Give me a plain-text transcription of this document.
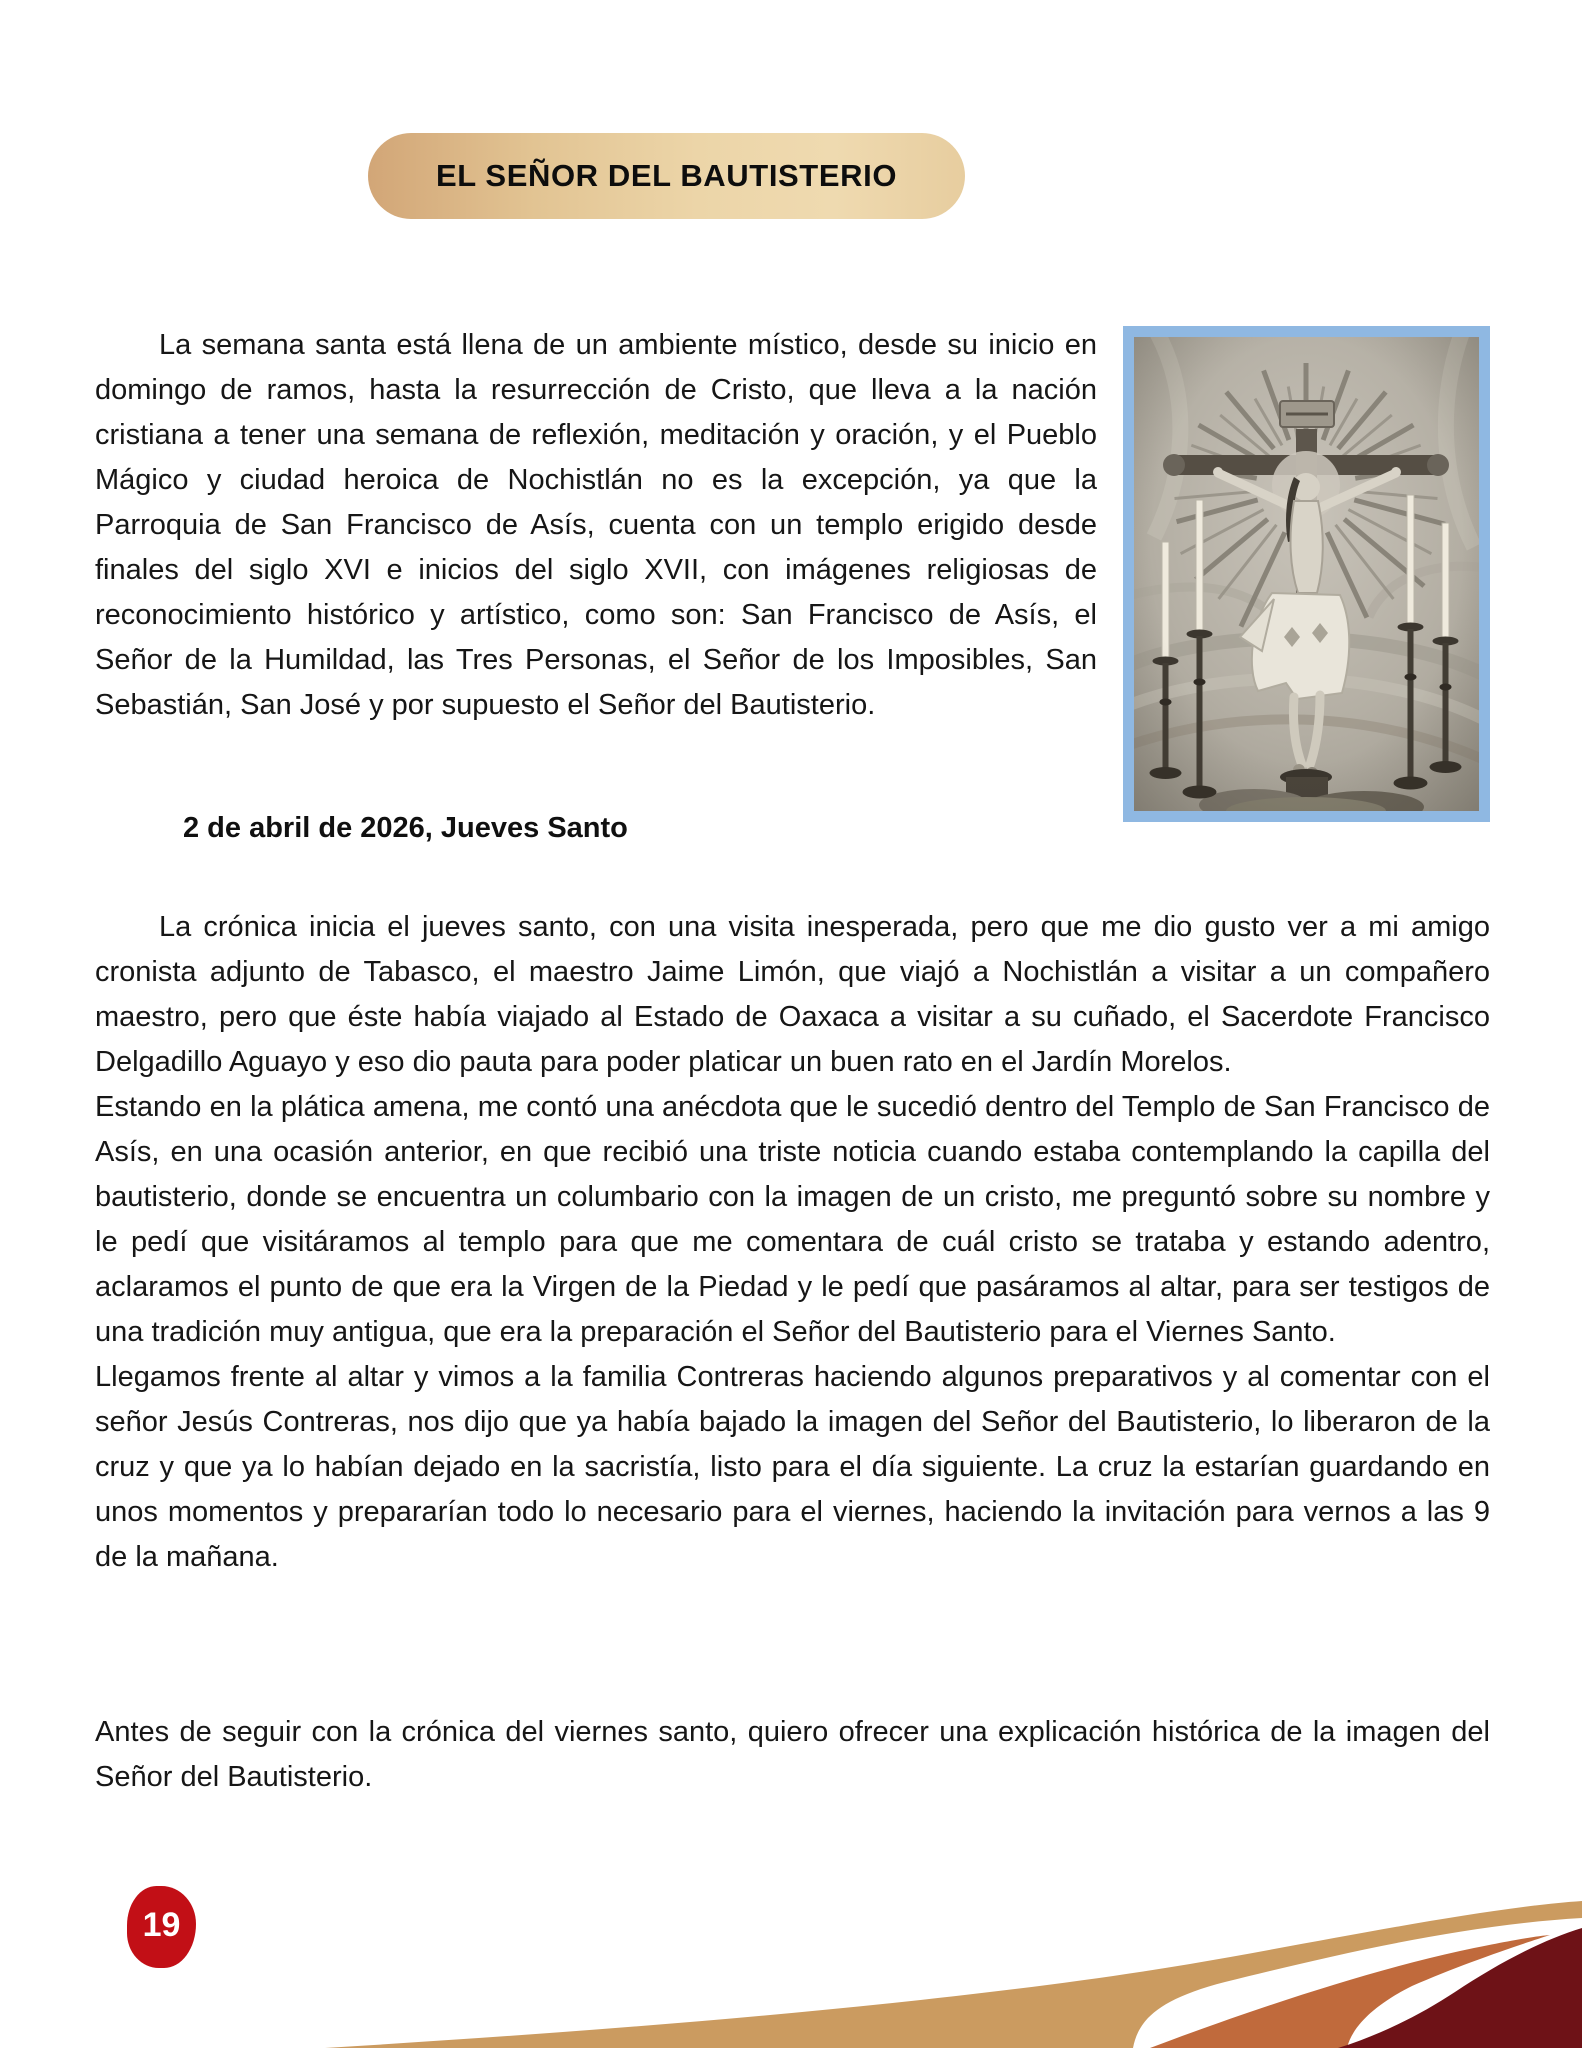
EL SEÑOR DEL BAUTISTERIO

La semana santa está llena de un ambiente místico, desde su inicio en domingo de ramos, hasta la resurrección de Cristo, que lleva a la nación cristiana a tener una semana de reflexión, meditación y oración, y el Pueblo Mágico y ciudad heroica de Nochistlán no es la excepción, ya que la Parroquia de San Francisco de Asís, cuenta con un templo erigido desde finales del siglo XVI e inicios del siglo XVII, con imágenes religiosas de reconocimiento histórico y artístico, como son: San Francisco de Asís, el Señor de la Humildad, las Tres Personas, el Señor de los Imposibles, San Sebastián, San José y por supuesto el Señor del Bautisterio.

2 de abril de 2026, Jueves Santo

La crónica inicia el jueves santo, con una visita inesperada, pero que me dio gusto ver a mi amigo cronista adjunto de Tabasco, el maestro Jaime Limón, que viajó a Nochistlán a visitar a un compañero maestro, pero que éste había viajado al Estado de Oaxaca a visitar a su cuñado, el Sacerdote Francisco Delgadillo Aguayo y eso dio pauta para poder platicar un buen rato en el Jardín Morelos.

Estando en la plática amena, me contó una anécdota que le sucedió dentro del Templo de San Francisco de Asís, en una ocasión anterior, en que recibió una triste noticia cuando estaba contemplando la capilla del bautisterio, donde se encuentra un columbario con la imagen de un cristo, me preguntó sobre su nombre y le pedí que visitáramos al templo para que me comentara de cuál cristo se trataba y estando adentro, aclaramos el punto de que era la Virgen de la Piedad y le pedí que pasáramos al altar, para ser testigos de una tradición muy antigua, que era la preparación el Señor del Bautisterio para el Viernes Santo.

Llegamos frente al altar y vimos a la familia Contreras haciendo algunos preparativos y al comentar con el señor Jesús Contreras, nos dijo que ya había bajado la imagen del Señor del Bautisterio, lo liberaron de la cruz y que ya lo habían dejado en la sacristía, listo para el día siguiente. La cruz la estarían guardando en unos momentos y prepararían todo lo necesario para el viernes, haciendo la invitación para vernos a las 9 de la mañana.

Antes de seguir con la crónica del viernes santo, quiero ofrecer una explicación histórica de la imagen del Señor del Bautisterio.

19
